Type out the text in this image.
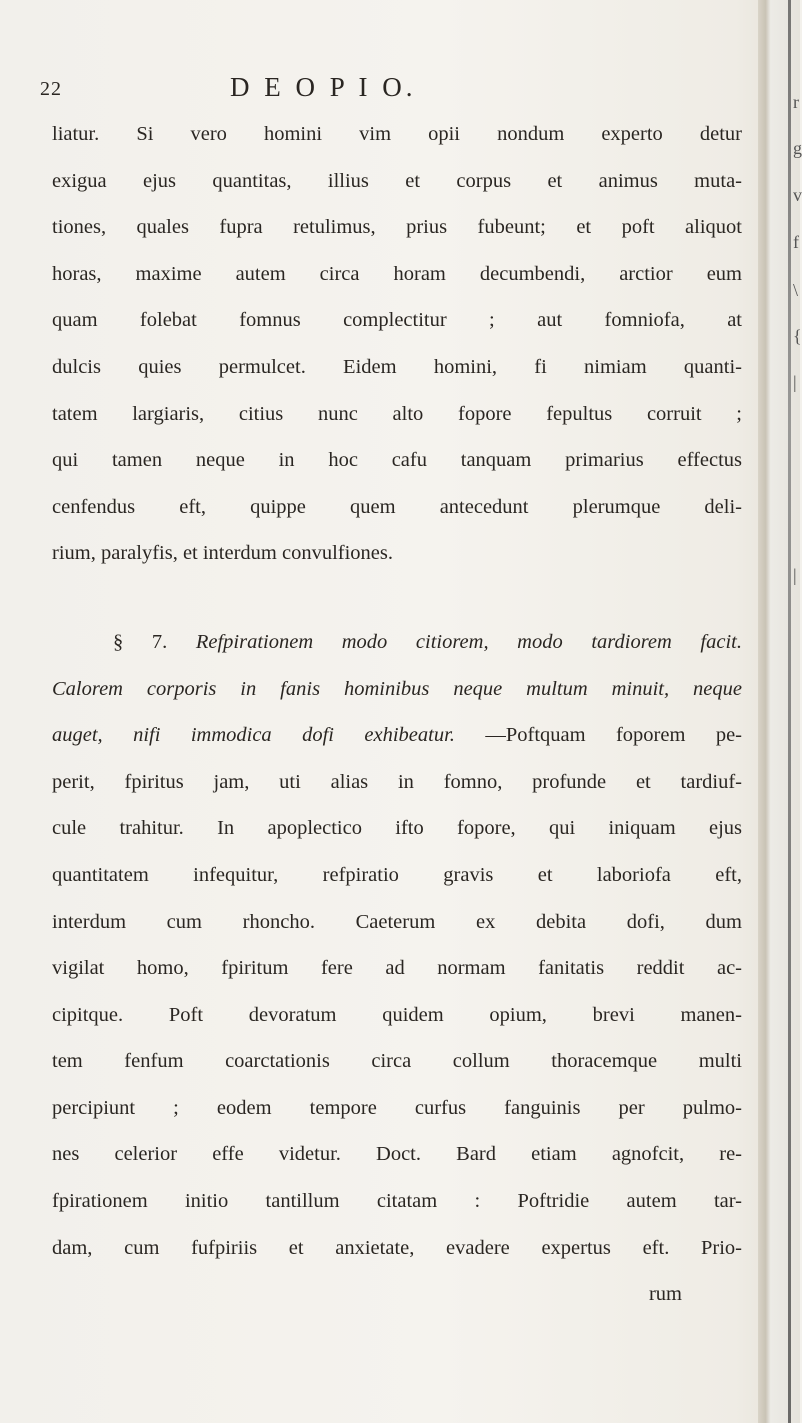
r
g
v
f
\
{
|
|
22	D E O P I O.
liatur. Si vero homini vim opii nondum experto detur
exigua ejus quantitas, illius et corpus et animus muta-
tiones, quales fupra retulimus, prius fubeunt; et poft aliquot
horas, maxime autem circa horam decumbendi, arctior eum
quam folebat fomnus complectitur ; aut fomniofa, at
dulcis quies permulcet. Eidem homini, fi nimiam quanti-
tatem largiaris, citius nunc alto fopore fepultus corruit ;
qui tamen neque in hoc cafu tanquam primarius effectus
cenfendus eft, quippe quem antecedunt plerumque deli-
rium, paralyfis, et interdum convulfiones.
§ 7. Refpirationem modo citiorem, modo tardiorem facit.
Calorem corporis in fanis hominibus neque multum minuit, neque
auget, nifi immodica dofi exhibeatur. —Poftquam foporem pe-
perit, fpiritus jam, uti alias in fomno, profunde et tardiuf-
cule trahitur. In apoplectico ifto fopore, qui iniquam ejus
quantitatem infequitur, refpiratio gravis et laboriofa eft,
interdum cum rhoncho. Caeterum ex debita dofi, dum
vigilat homo, fpiritum fere ad normam fanitatis reddit ac-
cipitque. Poft devoratum quidem opium, brevi manen-
tem fenfum coarctationis circa collum thoracemque multi
percipiunt ; eodem tempore curfus fanguinis per pulmo-
nes celerior effe videtur. Doct. Bard etiam agnofcit, re-
fpirationem initio tantillum citatam : Poftridie autem tar-
dam, cum fufpiriis et anxietate, evadere expertus eft. Prio-
rum
